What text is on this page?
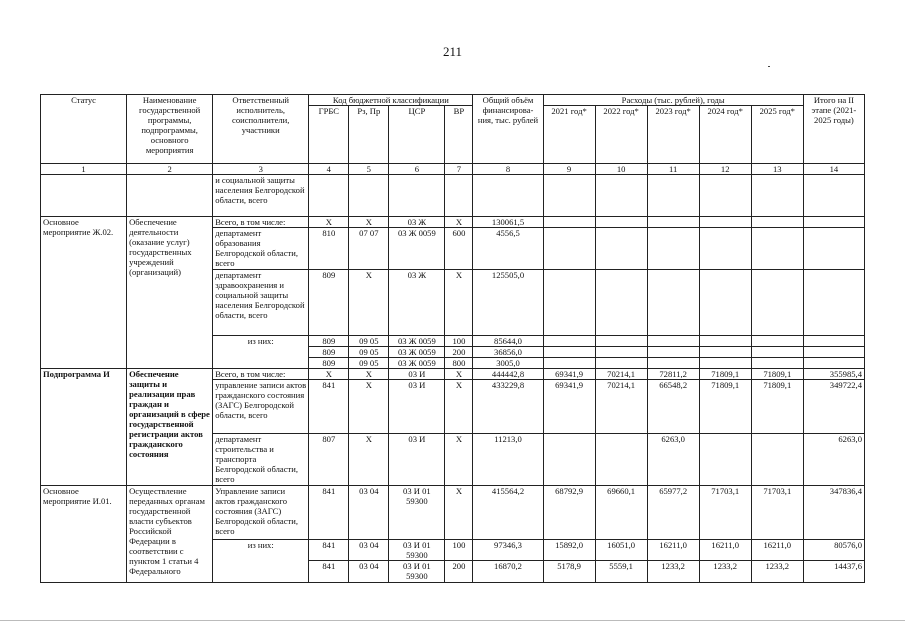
211
Статус	Наименование государственной программы, подпрограммы, основного мероприятия	Ответственный исполнитель, соисполнители, участники	Код бюджетной классификации				Общий объём финансирова-ния, тыс. рублей	Расходы (тыс. рублей), годы					Итого на II этапе (2021-2025 годы)
			ГРБС	Рз, Пр	ЦСР	ВР		2021 год*	2022 год*	2023 год*	2024 год*	2025 год*	
1	2	3	4	5	6	7	8	9	10	11	12	13	14
		и социальной защиты населения Белгородской области, всего											
Основное мероприятие Ж.02.	Обеспечение деятельности (оказание услуг) государственных учреждений (организаций)	Всего, в том числе:	X	X	03 Ж	X	130061,5						
		департамент образования Белгородской области, всего	810	07 07	03 Ж 0059	600	4556,5						
		департамент здравоохранения и социальной защиты населения Белгородской области, всего	809	X	03 Ж	X	125505,0						
		из них:	809	09 05	03 Ж 0059	100	85644,0						
			809	09 05	03 Ж 0059	200	36856,0						
			809	09 05	03 Ж 0059	800	3005,0						
Подпрограмма И	Обеспечение защиты и реализации прав граждан и организаций в сфере государственной регистрации актов гражданского состояния	Всего, в том числе:	X	X	03 И	X	444442,8	69341,9	70214,1	72811,2	71809,1	71809,1	355985,4
		управление записи актов гражданского состояния (ЗАГС) Белгородской области, всего	841	X	03 И	X	433229,8	69341,9	70214,1	66548,2	71809,1	71809,1	349722,4
		департамент строительства и транспорта Белгородской области, всего	807	X	03 И	X	11213,0			6263,0			6263,0
Основное мероприятие И.01.	Осуществление переданных органам государственной власти субъектов Российской Федерации в соответствии с пунктом 1 статьи 4 Федерального	Управление записи актов гражданского состояния (ЗАГС) Белгородской области, всего	841	03 04	03 И 01 59300	X	415564,2	68792,9	69660,1	65977,2	71703,1	71703,1	347836,4
		из них:	841	03 04	03 И 01 59300	100	97346,3	15892,0	16051,0	16211,0	16211,0	16211,0	80576,0
			841	03 04	03 И 01 59300	200	16870,2	5178,9	5559,1	1233,2	1233,2	1233,2	14437,6
